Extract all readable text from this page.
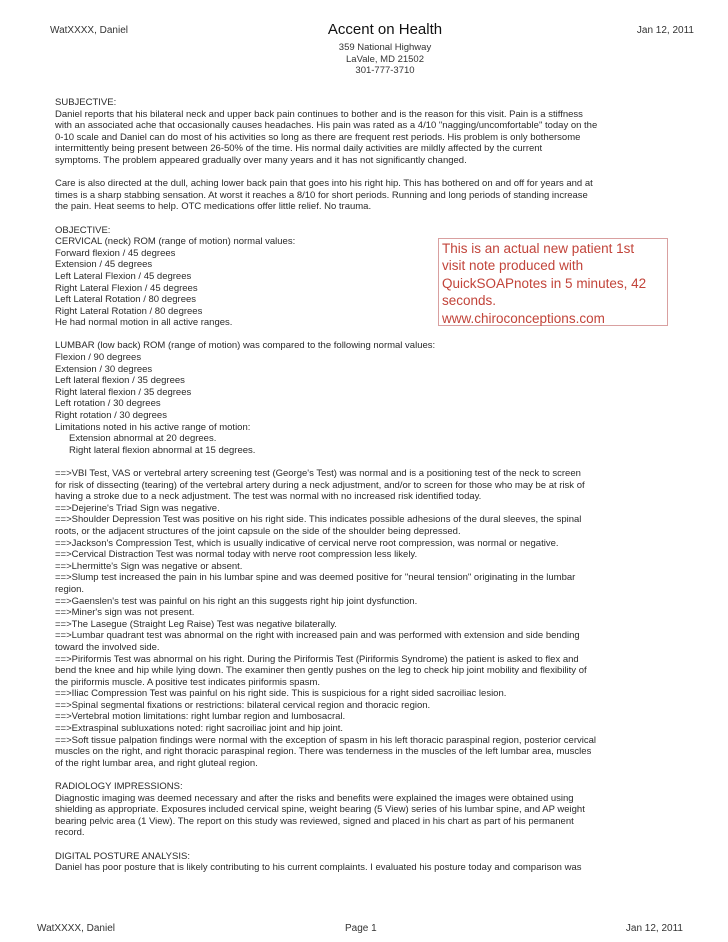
WatXXXX, Daniel	Accent on Health
359 National Highway
LaVale, MD 21502
301-777-3710
Jan 12, 2011

SUBJECTIVE:

Daniel reports that his bilateral neck and upper back pain continues to bother and is the reason for this visit. Pain is a stiffness

with an associated ache that occasionally causes headaches. His pain was rated as a 4/10 "nagging/uncomfortable" today on the

0-10 scale and Daniel can do most of his activities so long as there are frequent rest periods. His problem is only bothersome

intermittently being present between 26-50% of the time. His normal daily activities are mildly affected by the current

symptoms. The problem appeared gradually over many years and it has not significantly changed.

Care is also directed at the dull, aching lower back pain that goes into his right hip. This has bothered on and off for years and at

times is a sharp stabbing sensation. At worst it reaches a 8/10 for short periods. Running and long periods of standing increase

the pain. Heat seems to help. OTC medications offer little relief. No trauma.

OBJECTIVE:

CERVICAL (neck) ROM (range of motion) normal values:

Forward flexion / 45 degrees

Extension / 45 degrees

Left Lateral Flexion / 45 degrees

Right Lateral Flexion / 45 degrees

Left Lateral Rotation / 80 degrees

Right Lateral Rotation / 80 degrees

He had normal motion in all active ranges.

LUMBAR (low back) ROM (range of motion) was compared to the following normal values:

Flexion / 90 degrees

Extension / 30 degrees

Left lateral flexion / 35 degrees

Right lateral flexion / 35 degrees

Left rotation / 30 degrees

Right rotation / 30 degrees

Limitations noted in his active range of motion:

Extension abnormal at 20 degrees.

Right lateral flexion abnormal at 15 degrees.

==>VBI Test, VAS or vertebral artery screening test (George's Test) was normal and is a positioning test of the neck to screen

for risk of dissecting (tearing) of the vertebral artery during a neck adjustment, and/or to screen for those who may be at risk of

having a stroke due to a neck adjustment. The test was normal with no increased risk identified today.

==>Dejerine's Triad Sign was negative.

==>Shoulder Depression Test was positive on his right side. This indicates possible adhesions of the dural sleeves, the spinal

roots, or the adjacent structures of the joint capsule on the side of the shoulder being depressed.

==>Jackson's Compression Test, which is usually indicative of cervical nerve root compression, was normal or negative.

==>Cervical Distraction Test was normal today with nerve root compression less likely.

==>Lhermitte's Sign was negative or absent.

==>Slump test increased the pain in his lumbar spine and was deemed positive for "neural tension" originating in the lumbar

region.

==>Gaenslen's test was painful on his right an this suggests right hip joint dysfunction.

==>Miner's sign was not present.

==>The Lasegue (Straight Leg Raise) Test was negative bilaterally.

==>Lumbar quadrant test was abnormal on the right with increased pain and was performed with extension and side bending

toward the involved side.

==>Piriformis Test was abnormal on his right. During the Piriformis Test (Piriformis Syndrome) the patient is asked to flex and

bend the knee and hip while lying down. The examiner then gently pushes on the leg to check hip joint mobility and flexibility of

the piriformis muscle. A positive test indicates piriformis spasm.

==>Iliac Compression Test was painful on his right side. This is suspicious for a right sided sacroiliac lesion.

==>Spinal segmental fixations or restrictions: bilateral cervical region and thoracic region.

==>Vertebral motion limitations: right lumbar region and lumbosacral.

==>Extraspinal subluxations noted: right sacroiliac joint and hip joint.

==>Soft tissue palpation findings were normal with the exception of spasm in his left thoracic paraspinal region, posterior cervical

muscles on the right, and right thoracic paraspinal region. There was tenderness in the muscles of the left lumbar area, muscles

of the right lumbar area, and right gluteal region.

RADIOLOGY IMPRESSIONS:

Diagnostic imaging was deemed necessary and after the risks and benefits were explained the images were obtained using

shielding as appropriate. Exposures included cervical spine, weight bearing (5 View) series of his lumbar spine, and AP weight

bearing pelvic area (1 View). The report on this study was reviewed, signed and placed in his chart as part of his permanent

record.

DIGITAL POSTURE ANALYSIS:

Daniel has poor posture that is likely contributing to his current complaints. I evaluated his posture today and comparison was

This is an actual new patient 1st
visit note produced with
QuickSOAPnotes in 5 minutes, 42
seconds.
www.chiroconceptions.com
WatXXXX, Daniel	Page 1	Jan 12, 2011
